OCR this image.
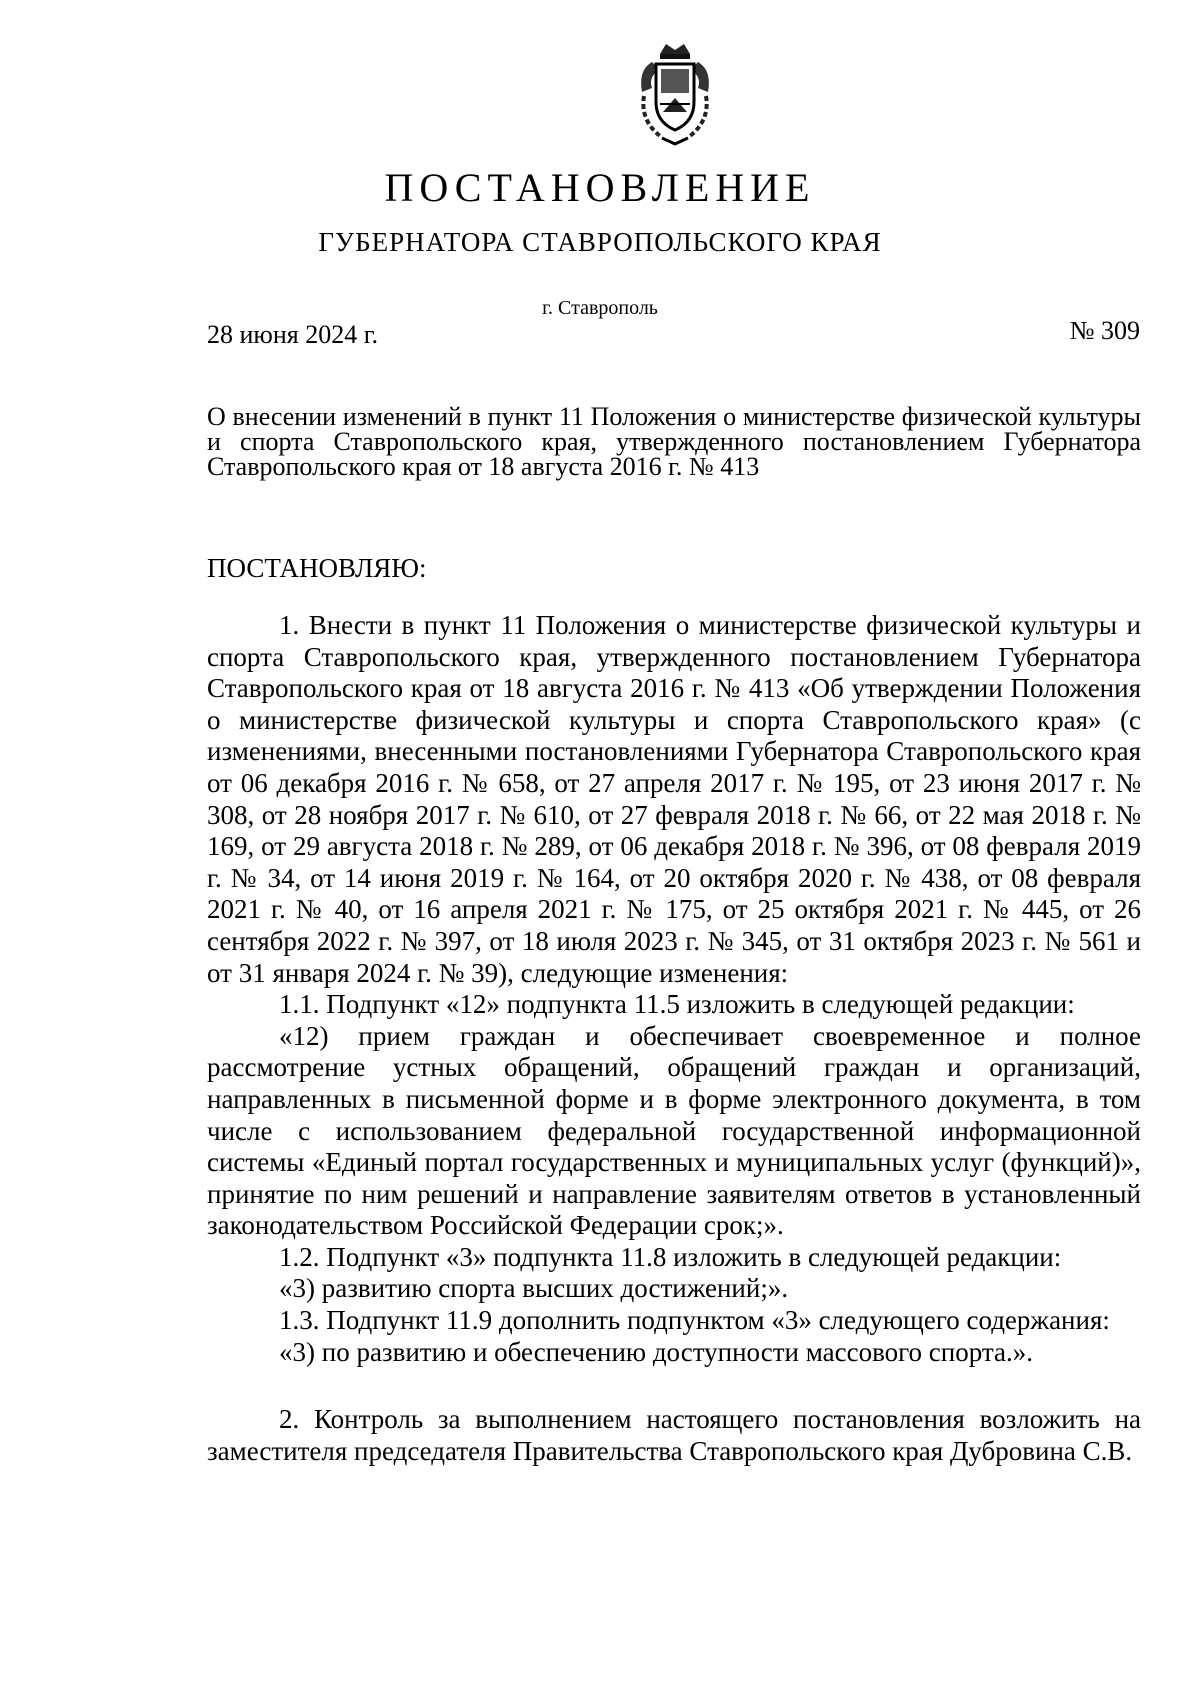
ПОСТАНОВЛЕНИЕ
ГУБЕРНАТОРА СТАВРОПОЛЬСКОГО КРАЯ
г. Ставрополь
28 июня 2024 г.	№ 309
О внесении изменений в пункт 11 Положения о министерстве физической культуры и спорта Ставропольского края, утвержденного постановлением Губернатора Ставропольского края от 18 августа 2016 г. № 413
ПОСТАНОВЛЯЮ:

1. Внести в пункт 11 Положения о министерстве физической культуры и спорта Ставропольского края, утвержденного постановлением Губернатора Ставропольского края от 18 августа 2016 г. № 413 «Об утверждении Положения о министерстве физической культуры и спорта Ставропольского края» (с изменениями, внесенными постановлениями Губернатора Ставропольского края от 06 декабря 2016 г. № 658, от 27 апреля 2017 г. № 195, от 23 июня 2017 г. № 308, от 28 ноября 2017 г. № 610, от 27 февраля 2018 г. № 66, от 22 мая 2018 г. № 169, от 29 августа 2018 г. № 289, от 06 декабря 2018 г. № 396, от 08 февраля 2019 г. № 34, от 14 июня 2019 г. № 164, от 20 октября 2020 г. № 438, от 08 февраля 2021 г. № 40, от 16 апреля 2021 г. № 175, от 25 октября 2021 г. № 445, от 26 сентября 2022 г. № 397, от 18 июля 2023 г. № 345, от 31 октября 2023 г. № 561 и от 31 января 2024 г. № 39), следующие изменения:

1.1. Подпункт «12» подпункта 11.5 изложить в следующей редакции:

«12) прием граждан и обеспечивает своевременное и полное рассмотрение устных обращений, обращений граждан и организаций, направленных в письменной форме и в форме электронного документа, в том числе с использованием федеральной государственной информационной системы «Единый портал государственных и муниципальных услуг (функций)», принятие по ним решений и направление заявителям ответов в установленный законодательством Российской Федерации срок;».

1.2. Подпункт «3» подпункта 11.8 изложить в следующей редакции:

«3) развитию спорта высших достижений;».

1.3. Подпункт 11.9 дополнить подпунктом «3» следующего содержания:

«3) по развитию и обеспечению доступности массового спорта.».

2. Контроль за выполнением настоящего постановления возложить на заместителя председателя Правительства Ставропольского края Дубровина С.В.
